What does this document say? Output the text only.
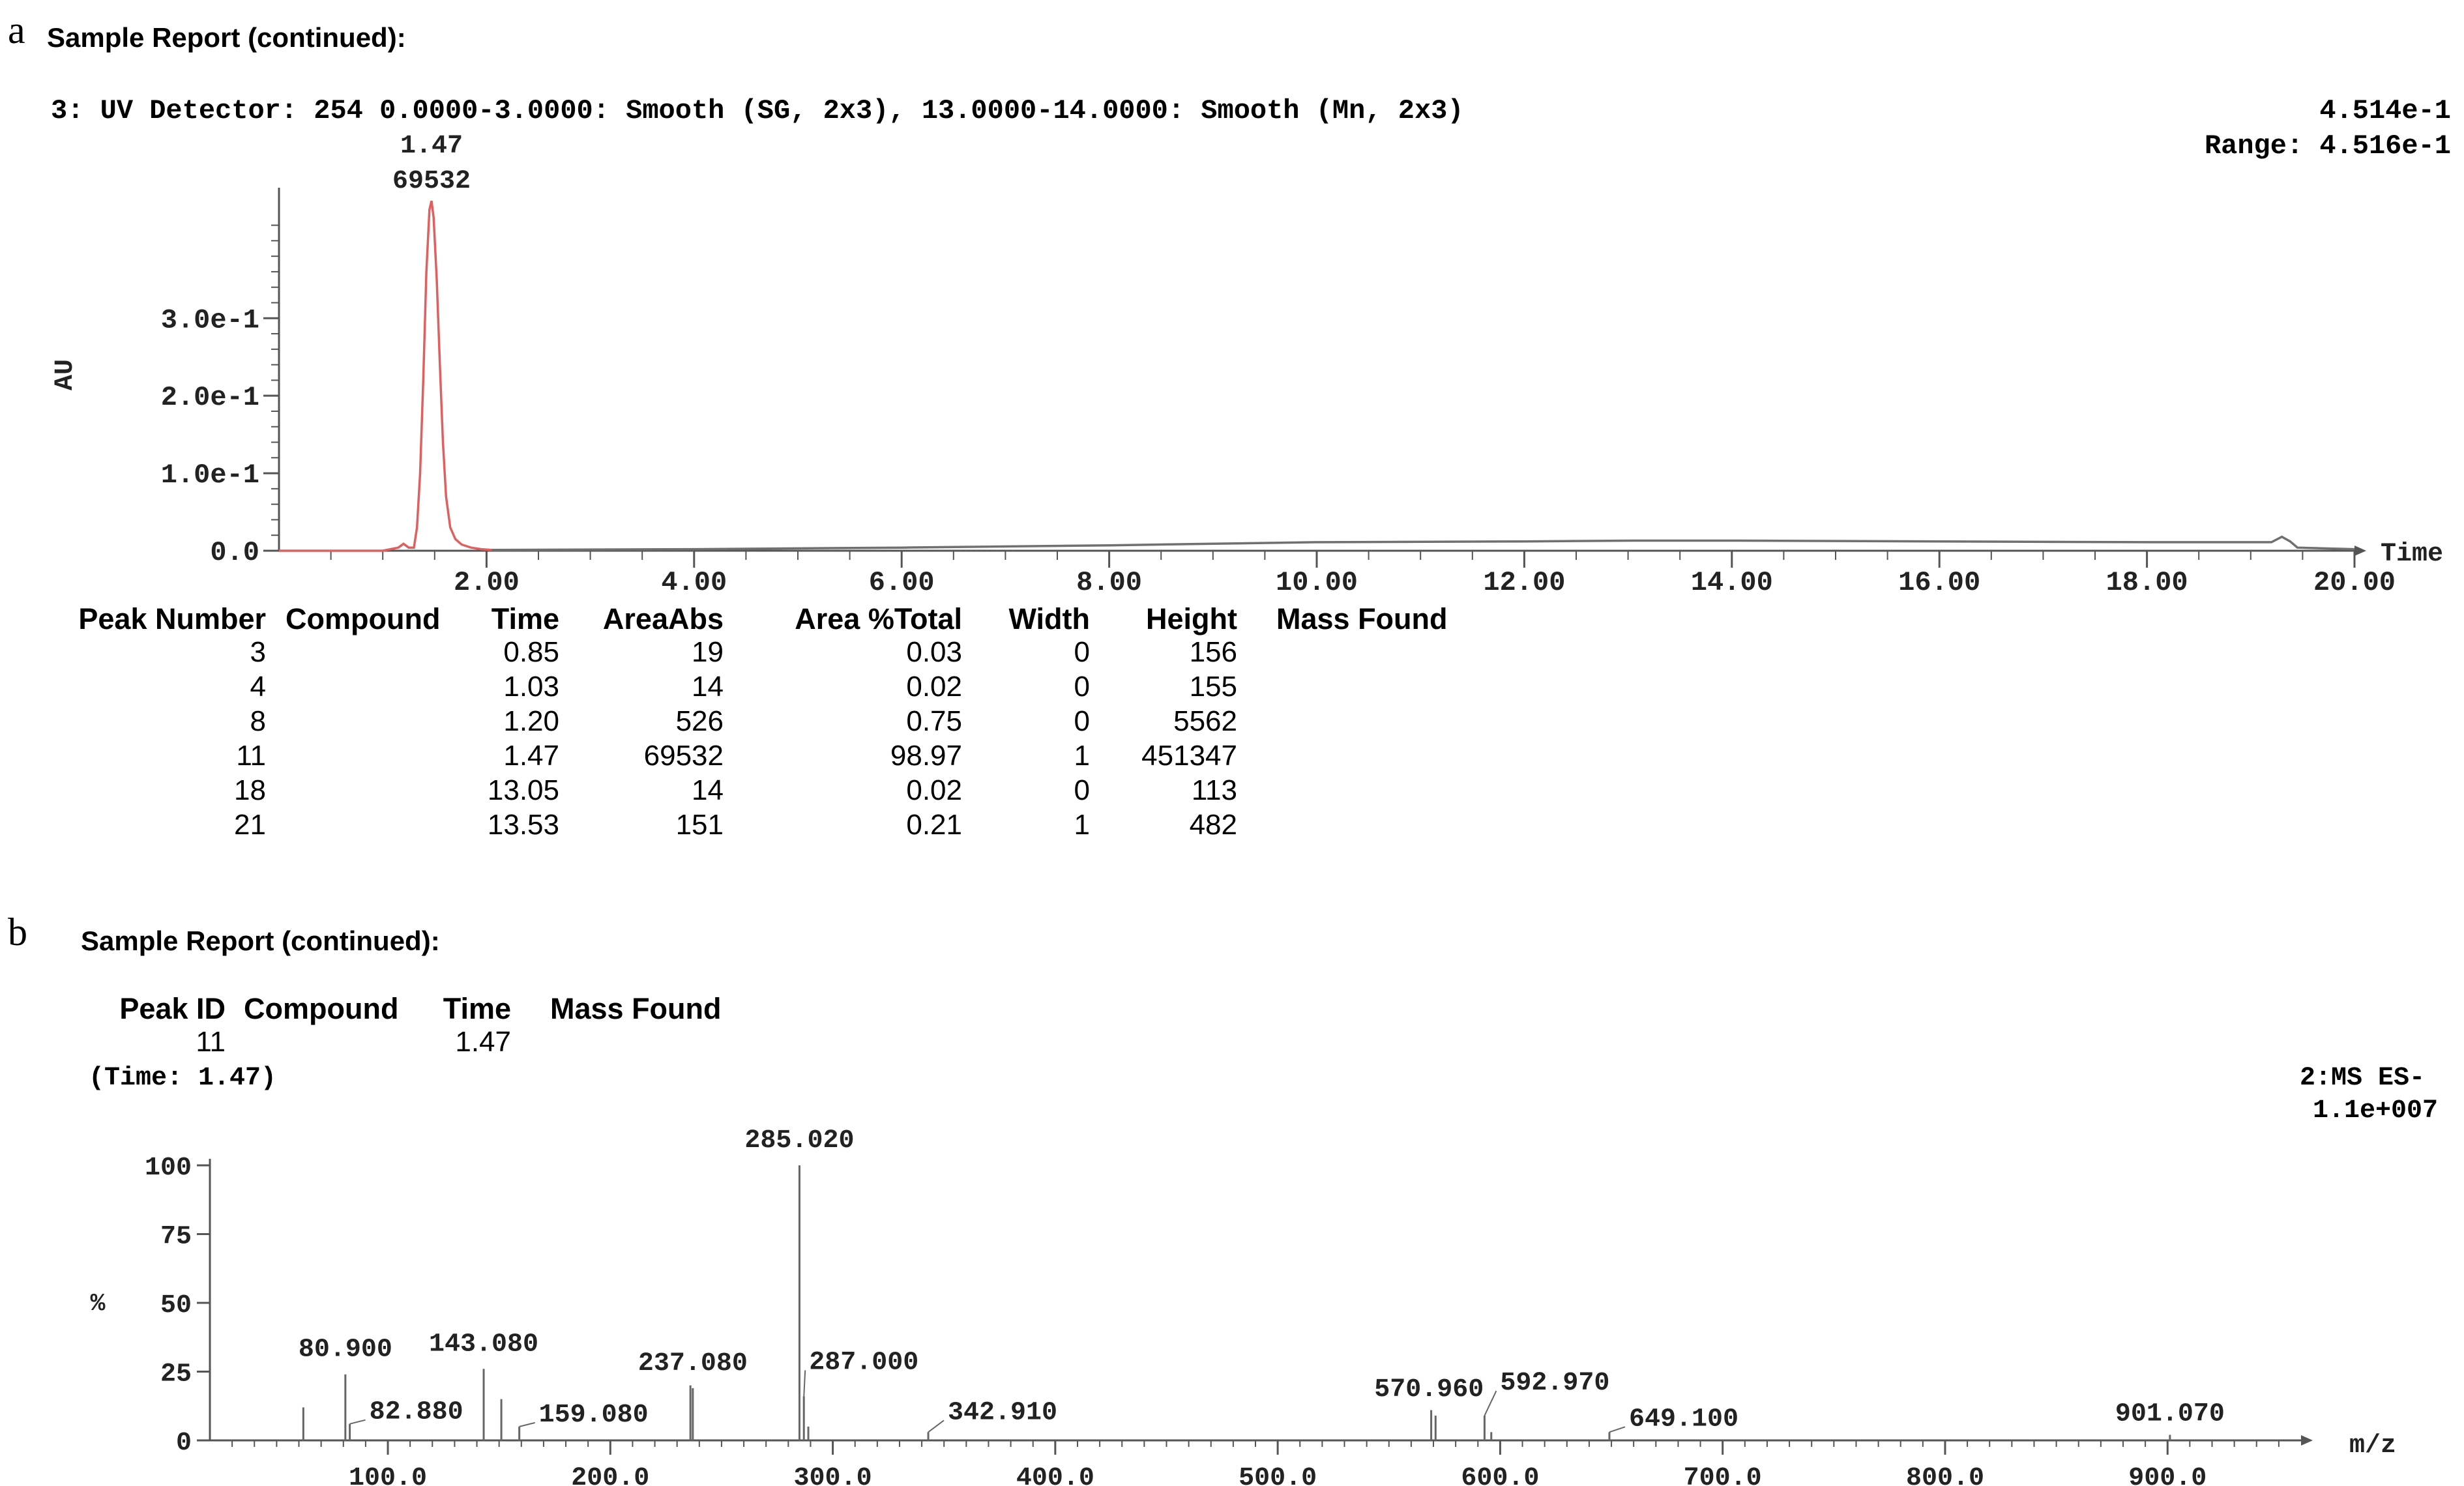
a Sample Report (continued):
3: UV Detector: 254 0.0000-3.0000: Smooth (SG, 2x3), 13.0000-14.0000: Smooth (Mn, 2x3)	4.514e-1
Range: 4.516e-1
2.00	4.00	6.00	8.00	10.00	12.00	14.00	16.00	18.00	20.00
0.0
1.0e-1
2.0e-1
3.0e-1
AU
Time
1.47
69532
Peak Number Compound	Time	AreaAbs	Area %Total	Width	Height Mass Found
3	0.85	19	0.03	0	156
4	1.03	14	0.02	0	155
8	1.20	526	0.75	0	5562
11	1.47	69532	98.97	1	451347
18	13.05	14	0.02	0	113
21	13.53	151	0.21	1	482
b Sample Report (continued):
Peak ID Compound	Time Mass Found
11	1.47
(Time: 1.47)	2:MS ES-
1.1e+007
100.0	200.0	300.0	400.0	500.0	600.0	700.0	800.0	900.0
0
25
50
75
100
%
m/z
80.900
82.880
143.080
159.080
237.080
285.020
287.000
342.910
570.960 592.970
649.100	901.070
